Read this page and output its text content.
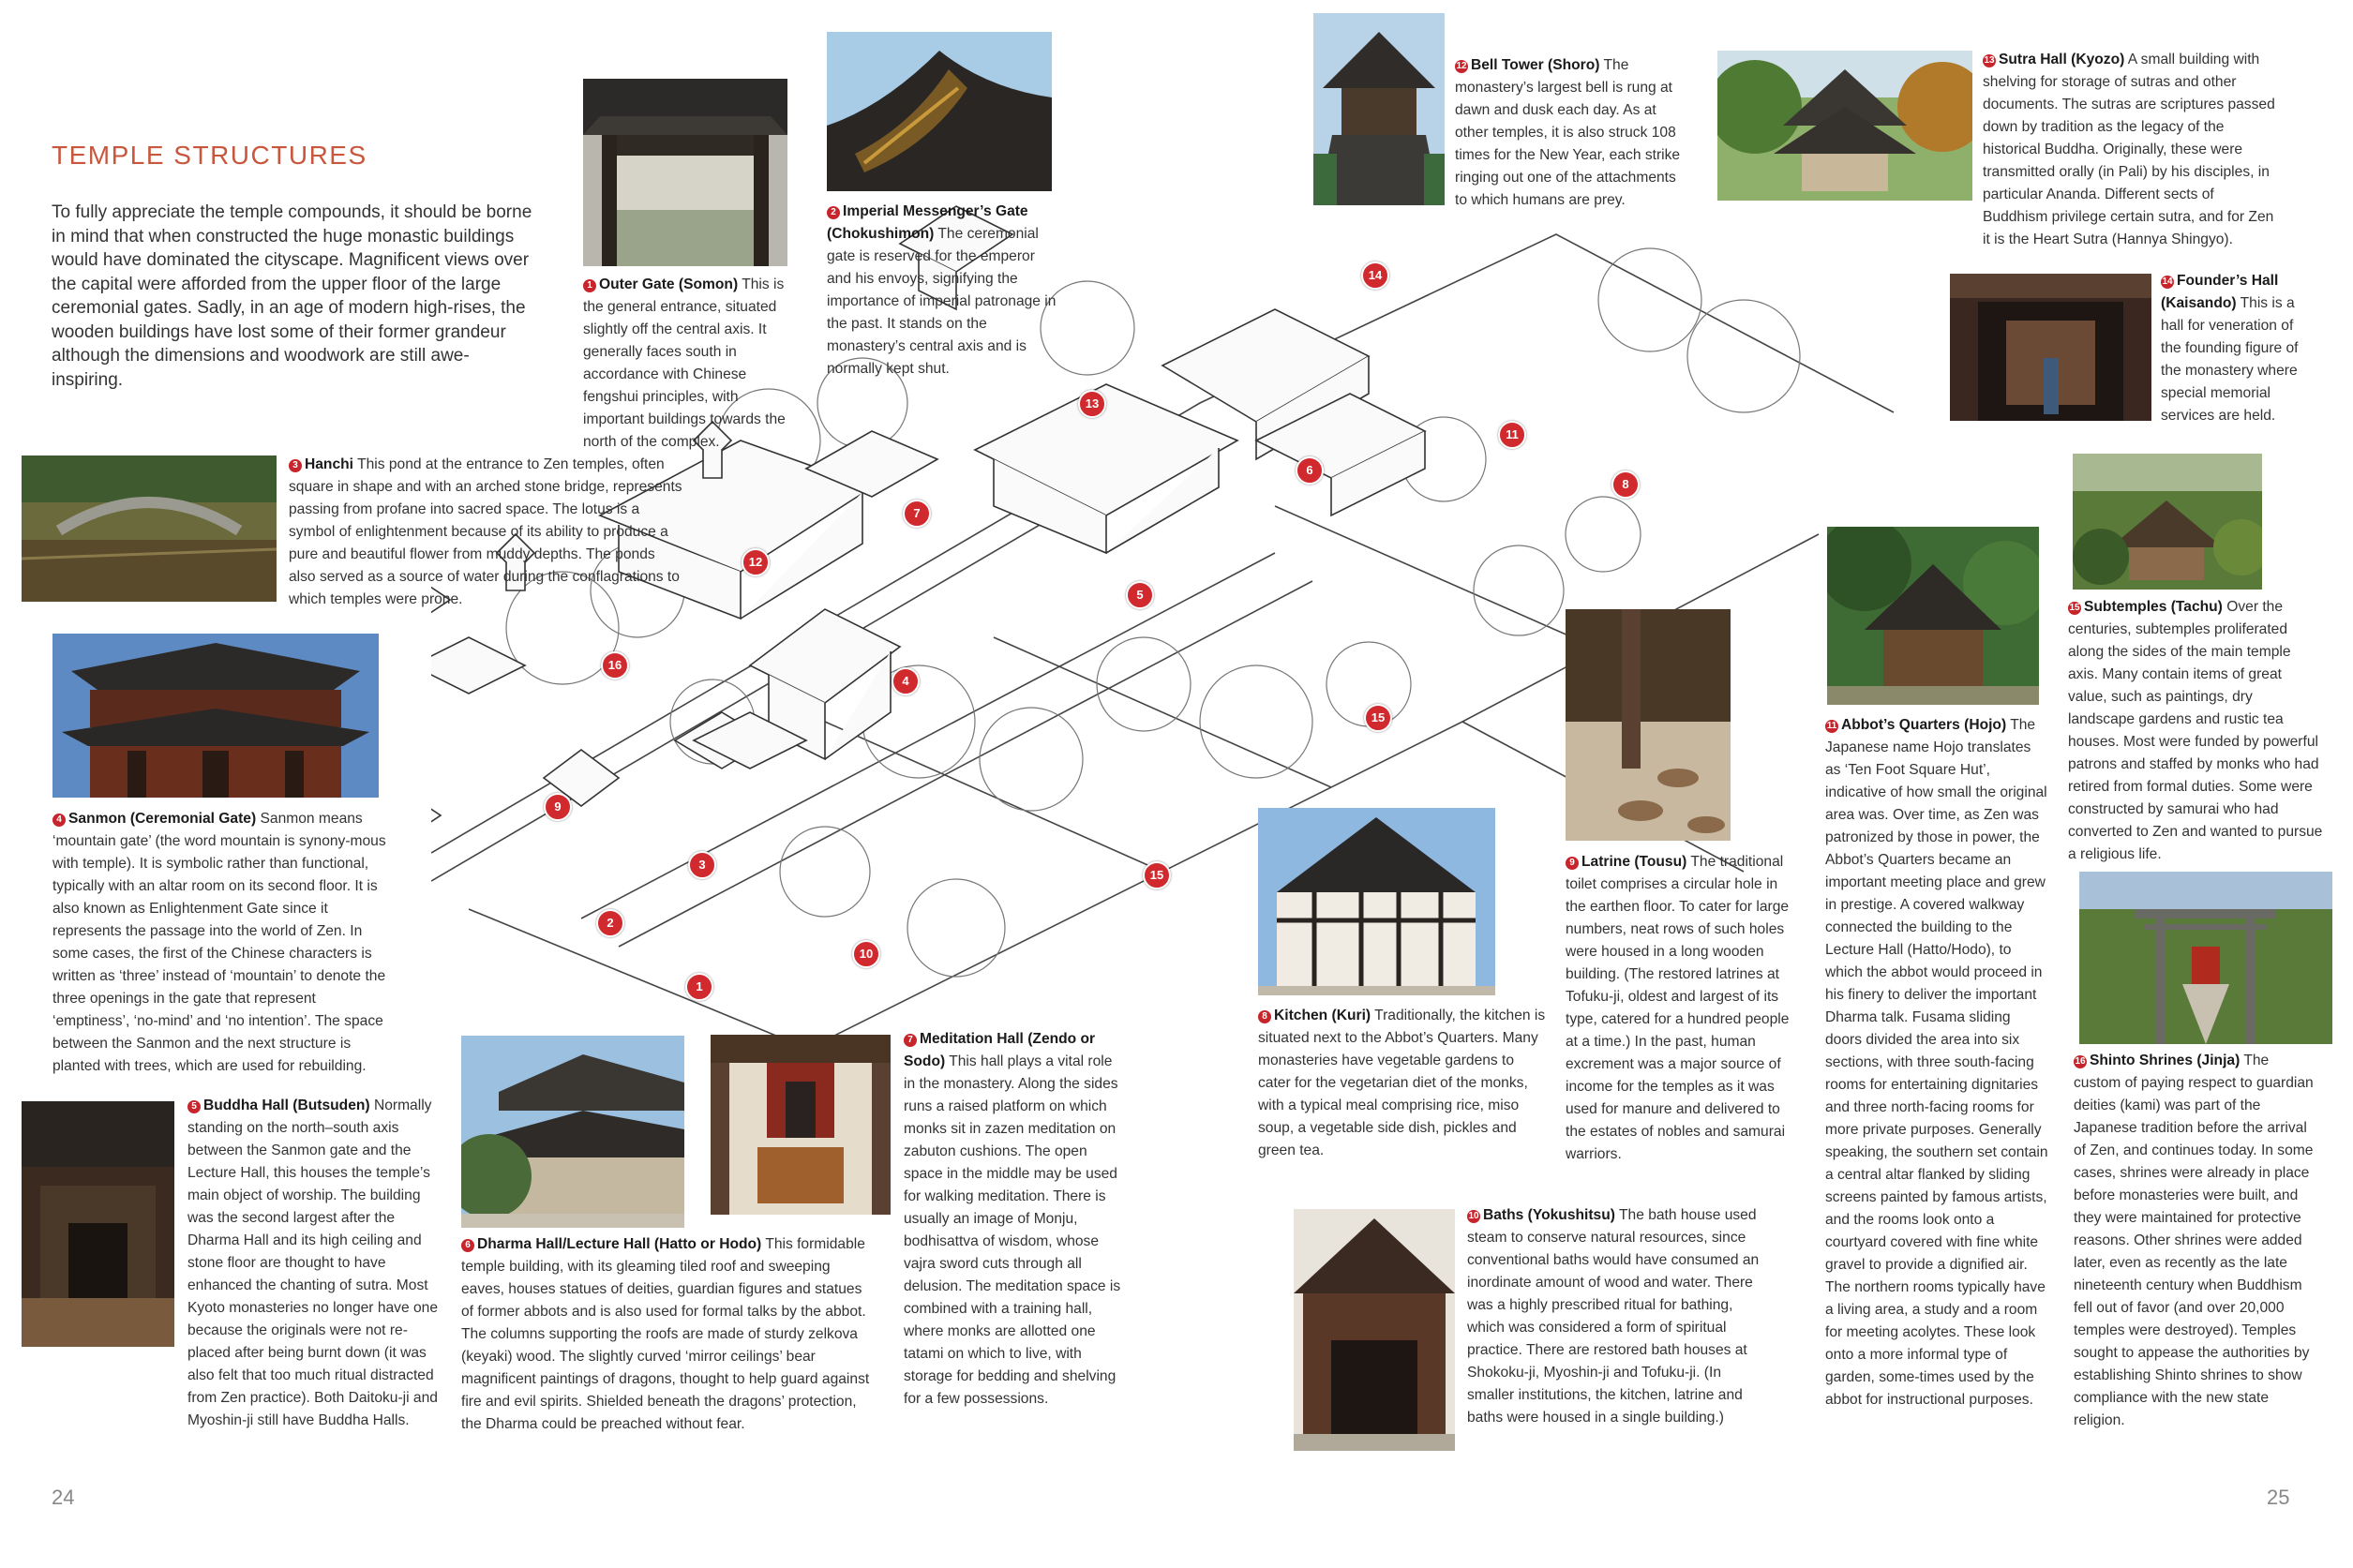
TEMPLE STRUCTURES
To fully appreciate the temple compounds, it should be borne in mind that when constructed the huge monastic buildings would have dominated the cityscape. Magnificent views over the capital were afforded from the upper floor of the large ceremonial gates. Sadly, in an age of modern high-rises, the wooden buildings have lost some of their former grandeur although the dimensions and woodwork are still awe-inspiring.
1
2
3
4
5
6
7
8
9
10
11
12
13
14
15
15
16
1 Outer Gate (Somon) This is the general entrance, situated slightly off the central axis. It generally faces south in accordance with Chinese fengshui principles, with important buildings towards the north of the complex.
2 Imperial Messenger’s Gate (Chokushimon) The ceremonial gate is reserved for the emperor and his envoys, signifying the importance of imperial patronage in the past. It stands on the monastery’s central axis and is normally kept shut.
12 Bell Tower (Shoro) The monastery’s largest bell is rung at dawn and dusk each day. As at other temples, it is also struck 108 times for the New Year, each strike ringing out one of the attachments to which humans are prey.
13 Sutra Hall (Kyozo) A small building with shelving for storage of sutras and other documents. The sutras are scriptures passed down by tradition as the legacy of the historical Buddha. Originally, these were transmitted orally (in Pali) by his disciples, in particular Ananda. Different sects of Buddhism privilege certain sutra, and for Zen it is the Heart Sutra (Hannya Shingyo).
14 Founder’s Hall (Kaisando) This is a hall for veneration of the founding figure of the monastery where special memorial services are held.
3 Hanchi This pond at the entrance to Zen temples, often square in shape and with an arched stone bridge, represents passing from profane into sacred space. The lotus is a symbol of enlightenment because of its ability to produce a pure and beautiful flower from muddy depths. The ponds also served as a source of water during the conflagrations to which temples were prone.
4 Sanmon (Ceremonial Gate) Sanmon means ‘mountain gate’ (the word mountain is synony-mous with temple). It is symbolic rather than functional, typically with an altar room on its second floor. It is also known as Enlightenment Gate since it represents the passage into the world of Zen. In some cases, the first of the Chinese characters is written as ‘three’ instead of ‘mountain’ to denote the three openings in the gate that represent ‘emptiness’, ‘no-mind’ and ‘no intention’. The space between the Sanmon and the next structure is planted with trees, which are used for rebuilding.
5 Buddha Hall (Butsuden) Normally standing on the north–south axis between the Sanmon gate and the Lecture Hall, this houses the temple’s main object of worship. The building was the second largest after the Dharma Hall and its high ceiling and stone floor are thought to have enhanced the chanting of sutra. Most Kyoto monasteries no longer have one because the originals were not re-placed after being burnt down (it was also felt that too much ritual distracted from Zen practice). Both Daitoku-ji and Myoshin-ji still have Buddha Halls.
6 Dharma Hall/Lecture Hall (Hatto or Hodo) This formidable temple building, with its gleaming tiled roof and sweeping eaves, houses statues of deities, guardian figures and statues of former abbots and is also used for formal talks by the abbot. The columns supporting the roofs are made of sturdy zelkova (keyaki) wood. The slightly curved ‘mirror ceilings’ bear magnificent paintings of dragons, thought to help guard against fire and evil spirits. Shielded beneath the dragons’ protection, the Dharma could be preached without fear.
7 Meditation Hall (Zendo or Sodo) This hall plays a vital role in the monastery. Along the sides runs a raised platform on which monks sit in zazen meditation on zabuton cushions. The open space in the middle may be used for walking meditation. There is usually an image of Monju, bodhisattva of wisdom, whose vajra sword cuts through all delusion. The meditation space is combined with a training hall, where monks are allotted one tatami on which to live, with storage for bedding and shelving for a few possessions.
8 Kitchen (Kuri) Traditionally, the kitchen is situated next to the Abbot’s Quarters. Many monasteries have vegetable gardens to cater for the vegetarian diet of the monks, with a typical meal comprising rice, miso soup, a vegetable side dish, pickles and green tea.
9 Latrine (Tousu) The traditional toilet comprises a circular hole in the earthen floor. To cater for large numbers, neat rows of such holes were housed in a long wooden building. (The restored latrines at Tofuku-ji, oldest and largest of its type, catered for a hundred people at a time.) In the past, human excrement was a major source of income for the temples as it was used for manure and delivered to the estates of nobles and samurai warriors.
10 Baths (Yokushitsu) The bath house used steam to conserve natural resources, since conventional baths would have consumed an inordinate amount of wood and water. There was a highly prescribed ritual for bathing, which was considered a form of spiritual practice. There are restored bath houses at Shokoku-ji, Myoshin-ji and Tofuku-ji. (In smaller institutions, the kitchen, latrine and baths were housed in a single building.)
11 Abbot’s Quarters (Hojo) The Japanese name Hojo translates as ‘Ten Foot Square Hut’, indicative of how small the original area was. Over time, as Zen was patronized by those in power, the Abbot’s Quarters became an important meeting place and grew in prestige. A covered walkway connected the building to the Lecture Hall (Hatto/Hodo), to which the abbot would proceed in his finery to deliver the important Dharma talk. Fusama sliding doors divided the area into six sections, with three south-facing rooms for entertaining dignitaries and three north-facing rooms for more private purposes. Generally speaking, the southern set contain a central altar flanked by sliding screens painted by famous artists, and the rooms look onto a courtyard covered with fine white gravel to provide a dignified air. The northern rooms typically have a living area, a study and a room for meeting acolytes. These look onto a more informal type of garden, some-times used by the abbot for instructional purposes.
15 Subtemples (Tachu) Over the centuries, subtemples proliferated along the sides of the main temple axis. Many contain items of great value, such as paintings, dry landscape gardens and rustic tea houses. Most were funded by powerful patrons and staffed by monks who had retired from formal duties. Some were constructed by samurai who had converted to Zen and wanted to pursue a religious life.
16 Shinto Shrines (Jinja) The custom of paying respect to guardian deities (kami) was part of the Japanese tradition before the arrival of Zen, and continues today. In some cases, shrines were already in place before monasteries were built, and they were maintained for protective reasons. Other shrines were added later, even as recently as the late nineteenth century when Buddhism fell out of favor (and over 20,000 temples were destroyed). Temples sought to appease the authorities by establishing Shinto shrines to show compliance with the new state religion.
24	25
